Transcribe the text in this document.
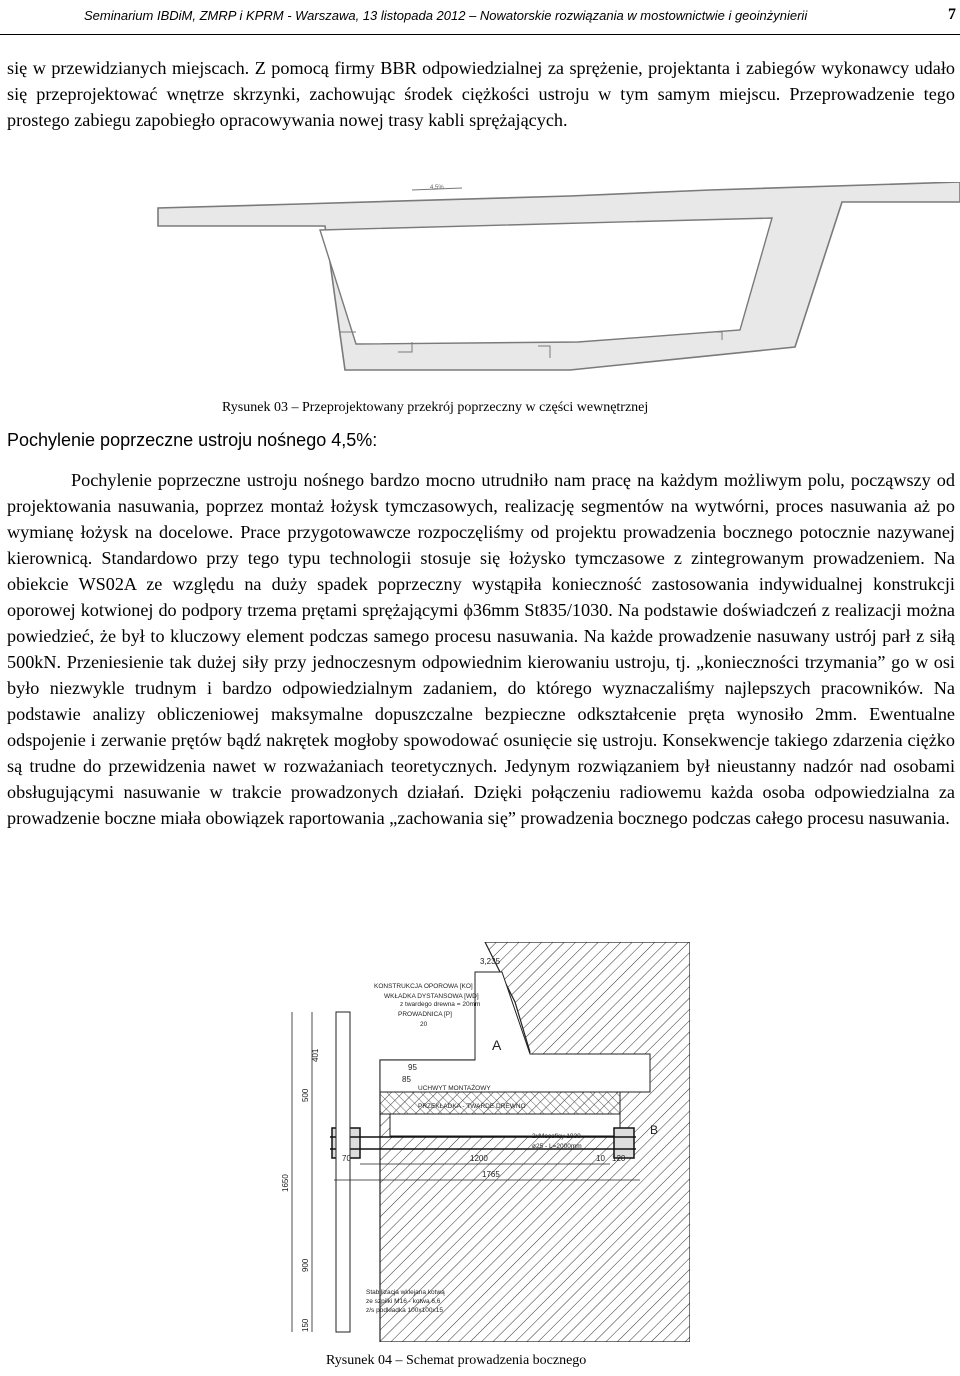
Seminarium IBDiM, ZMRP i KPRM - Warszawa, 13 listopada 2012 – Nowatorskie rozwiązania w mostownictwie i geoinżynierii	7

się w przewidzianych miejscach. Z pomocą firmy BBR odpowiedzialnej za sprężenie, projektanta i zabiegów wykonawcy udało się przeprojektować wnętrze skrzynki, zachowując środek ciężkości ustroju w tym samym miejscu. Przeprowadzenie tego prostego zabiegu zapobiegło opracowywania nowej trasy kabli sprężających.

4,5%
Rysunek 03 – Przeprojektowany przekrój poprzeczny w części wewnętrznej
Pochylenie poprzeczne ustroju nośnego 4,5%:

Pochylenie poprzeczne ustroju nośnego bardzo mocno utrudniło nam pracę na każdym możliwym polu, począwszy od projektowania nasuwania, poprzez montaż łożysk tymczasowych, realizację segmentów na wytwórni, proces nasuwania aż po wymianę łożysk na docelowe. Prace przygotowawcze rozpoczęliśmy od projektu prowadzenia bocznego potocznie nazywanej kierownicą. Standardowo przy tego typu technologii stosuje się łożysko tymczasowe z zintegrowanym prowadzeniem. Na obiekcie WS02A ze względu na duży spadek poprzeczny wystąpiła konieczność zastosowania indywidualnej konstrukcji oporowej kotwionej do podpory trzema prętami sprężającymi ϕ36mm St835/1030. Na podstawie doświadczeń z realizacji można powiedzieć, że był to kluczowy element podczas samego procesu nasuwania. Na każde prowadzenie nasuwany ustrój parł z siłą 500kN. Przeniesienie tak dużej siły przy jednoczesnym odpowiednim kierowaniu ustroju, tj. „konieczności trzymania” go w osi było niezwykle trudnym i bardzo odpowiedzialnym zadaniem, do którego wyznaczaliśmy najlepszych pracowników. Na podstawie analizy obliczeniowej maksymalne dopuszczalne bezpieczne odkształcenie pręta wynosiło 2mm. Ewentualne odspojenie i zerwanie prętów bądź nakrętek mogłoby spowodować osunięcie się ustroju. Konsekwencje takiego zdarzenia ciężko są trudne do przewidzenia nawet w rozważaniach teoretycznych. Jedynym rozwiązaniem był nieustanny nadzór nad osobami obsługującymi nasuwanie w trakcie prowadzonych działań. Dzięki połączeniu radiowemu każda osoba odpowiedzialna za prowadzenie boczne miała obowiązek raportowania „zachowania się” prowadzenia bocznego podczas całego procesu nasuwania.

3,235
KONSTRUKCJA OPOROWA [KO]
WKŁADKA DYSTANSOWA [WD]
z twardego drewna = 20mm
PROWADNICA [P]
20
A
B
95
85
UCHWYT MONTAŻOWY
PRZEKŁADKA - TWARDE DREWNO
2xMocofisy 1030
ø25 - L=2000mm
1200	10 120
70
1765
1650
500
401
900
150
Stabilizacja wklejana kotwą
ze szpilki M16 - kotwa 6,6
z/s podkładka 100x100x15
Rysunek 04 – Schemat prowadzenia bocznego
